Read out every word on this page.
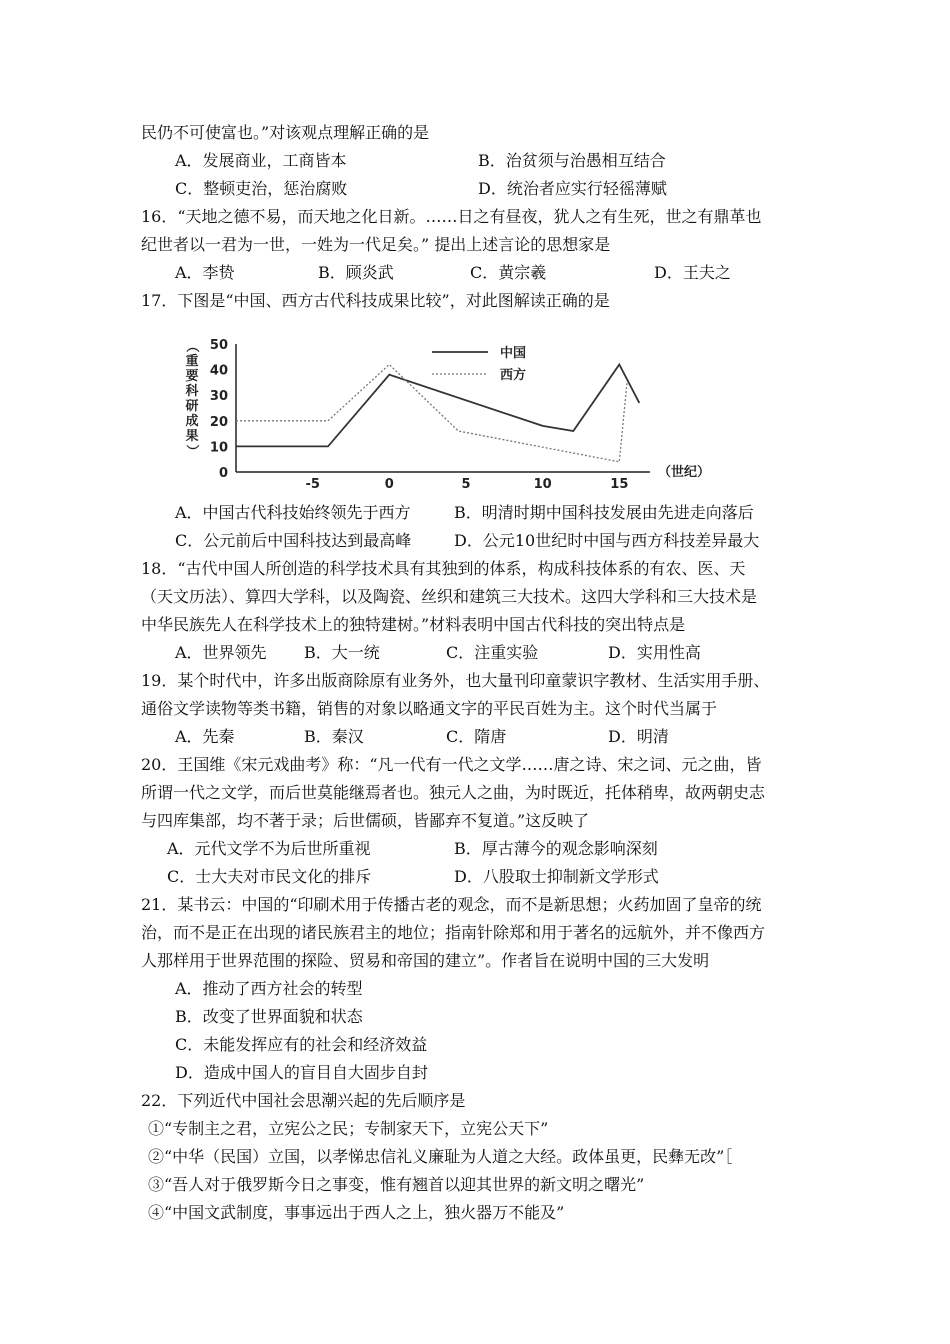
民仍不可使富也。”对该观点理解正确的是
A．发展商业，工商皆本	B．治贫须与治愚相互结合
C．整顿吏治，惩治腐败	D．统治者应实行轻徭薄赋
16．“天地之德不易，而天地之化日新。……日之有昼夜，犹人之有生死，世之有鼎革也
纪世者以一君为一世，一姓为一代足矣。” 提出上述言论的思想家是
A．李贽	B．顾炎武	C．黄宗羲	D．王夫之
17．下图是“中国、西方古代科技成果比较”，对此图解读正确的是
（
重
要
科
研
成
果
）
0
10
20
30
40
50
-5	0	5	10	15
中国
西方
（世纪）
A．中国古代科技始终领先于西方	B．明清时期中国科技发展由先进走向落后
C．公元前后中国科技达到最高峰	D．公元10世纪时中国与西方科技差异最大
18．“古代中国人所创造的科学技术具有其独到的体系，构成科技体系的有农、医、天
（天文历法）、算四大学科，以及陶瓷、丝织和建筑三大技术。这四大学科和三大技术是
中华民族先人在科学技术上的独特建树。”材料表明中国古代科技的突出特点是
A．世界领先 B．大一统	C．注重实验	D．实用性高
19．某个时代中，许多出版商除原有业务外，也大量刊印童蒙识字教材、生活实用手册、
通俗文学读物等类书籍，销售的对象以略通文字的平民百姓为主。这个时代当属于
A．先秦	B．秦汉	C．隋唐	D．明清
20．王国维《宋元戏曲考》称：“凡一代有一代之文学……唐之诗、宋之词、元之曲，皆
所谓一代之文学，而后世莫能继焉者也。独元人之曲，为时既近，托体稍卑，故两朝史志
与四库集部，均不著于录；后世儒硕，皆鄙弃不复道。”这反映了
A．元代文学不为后世所重视	B．厚古薄今的观念影响深刻
C．士大夫对市民文化的排斥	D．八股取士抑制新文学形式
21．某书云：中国的“印刷术用于传播古老的观念，而不是新思想；火药加固了皇帝的统
治，而不是正在出现的诸民族君主的地位；指南针除郑和用于著名的远航外，并不像西方
人那样用于世界范围的探险、贸易和帝国的建立”。作者旨在说明中国的三大发明
A．推动了西方社会的转型
B．改变了世界面貌和状态
C．未能发挥应有的社会和经济效益
D．造成中国人的盲目自大固步自封
22．下列近代中国社会思潮兴起的先后顺序是
①“专制主之君，立宪公之民；专制家天下，立宪公天下”
②“中华（民国）立国，以孝悌忠信礼义廉耻为人道之大经。政体虽更，民彝无改”［
③“吾人对于俄罗斯今日之事变，惟有翘首以迎其世界的新文明之曙光”
④“中国文武制度，事事远出于西人之上，独火器万不能及”
